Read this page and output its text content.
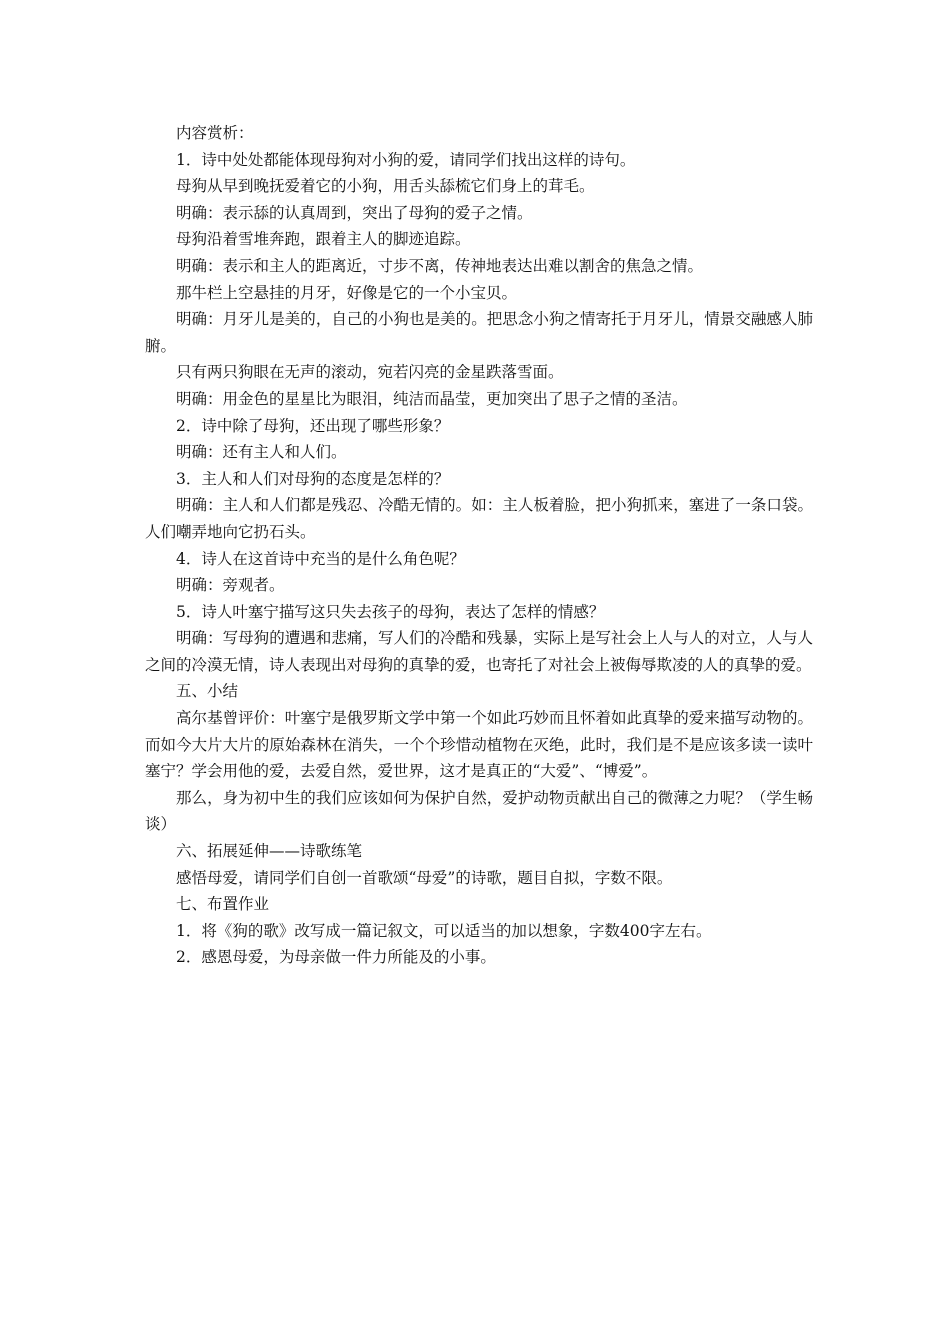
内容赏析：

1．诗中处处都能体现母狗对小狗的爱，请同学们找出这样的诗句。

母狗从早到晚抚爱着它的小狗，用舌头舔梳它们身上的茸毛。

明确：表示舔的认真周到，突出了母狗的爱子之情。

母狗沿着雪堆奔跑，跟着主人的脚迹追踪。

明确：表示和主人的距离近，寸步不离，传神地表达出难以割舍的焦急之情。

那牛栏上空悬挂的月牙，好像是它的一个小宝贝。

明确：月牙儿是美的，自己的小狗也是美的。把思念小狗之情寄托于月牙儿，情景交融感人肺腑。

只有两只狗眼在无声的滚动，宛若闪亮的金星跌落雪面。

明确：用金色的星星比为眼泪，纯洁而晶莹，更加突出了思子之情的圣洁。

2．诗中除了母狗，还出现了哪些形象？

明确：还有主人和人们。

3．主人和人们对母狗的态度是怎样的？

明确：主人和人们都是残忍、冷酷无情的。如：主人板着脸，把小狗抓来，塞进了一条口袋。人们嘲弄地向它扔石头。

4．诗人在这首诗中充当的是什么角色呢？

明确：旁观者。

5．诗人叶塞宁描写这只失去孩子的母狗，表达了怎样的情感？

明确：写母狗的遭遇和悲痛，写人们的冷酷和残暴，实际上是写社会上人与人的对立，人与人之间的冷漠无情，诗人表现出对母狗的真挚的爱，也寄托了对社会上被侮辱欺凌的人的真挚的爱。

五、小结

高尔基曾评价：叶塞宁是俄罗斯文学中第一个如此巧妙而且怀着如此真挚的爱来描写动物的。而如今大片大片的原始森林在消失，一个个珍惜动植物在灭绝，此时，我们是不是应该多读一读叶塞宁？学会用他的爱，去爱自然，爱世界，这才是真正的“大爱”、“博爱”。

那么，身为初中生的我们应该如何为保护自然，爱护动物贡献出自己的微薄之力呢？（学生畅谈）

六、拓展延伸——诗歌练笔

感悟母爱，请同学们自创一首歌颂“母爱”的诗歌，题目自拟，字数不限。

七、布置作业

1．将《狗的歌》改写成一篇记叙文，可以适当的加以想象，字数400字左右。

2．感恩母爱，为母亲做一件力所能及的小事。
